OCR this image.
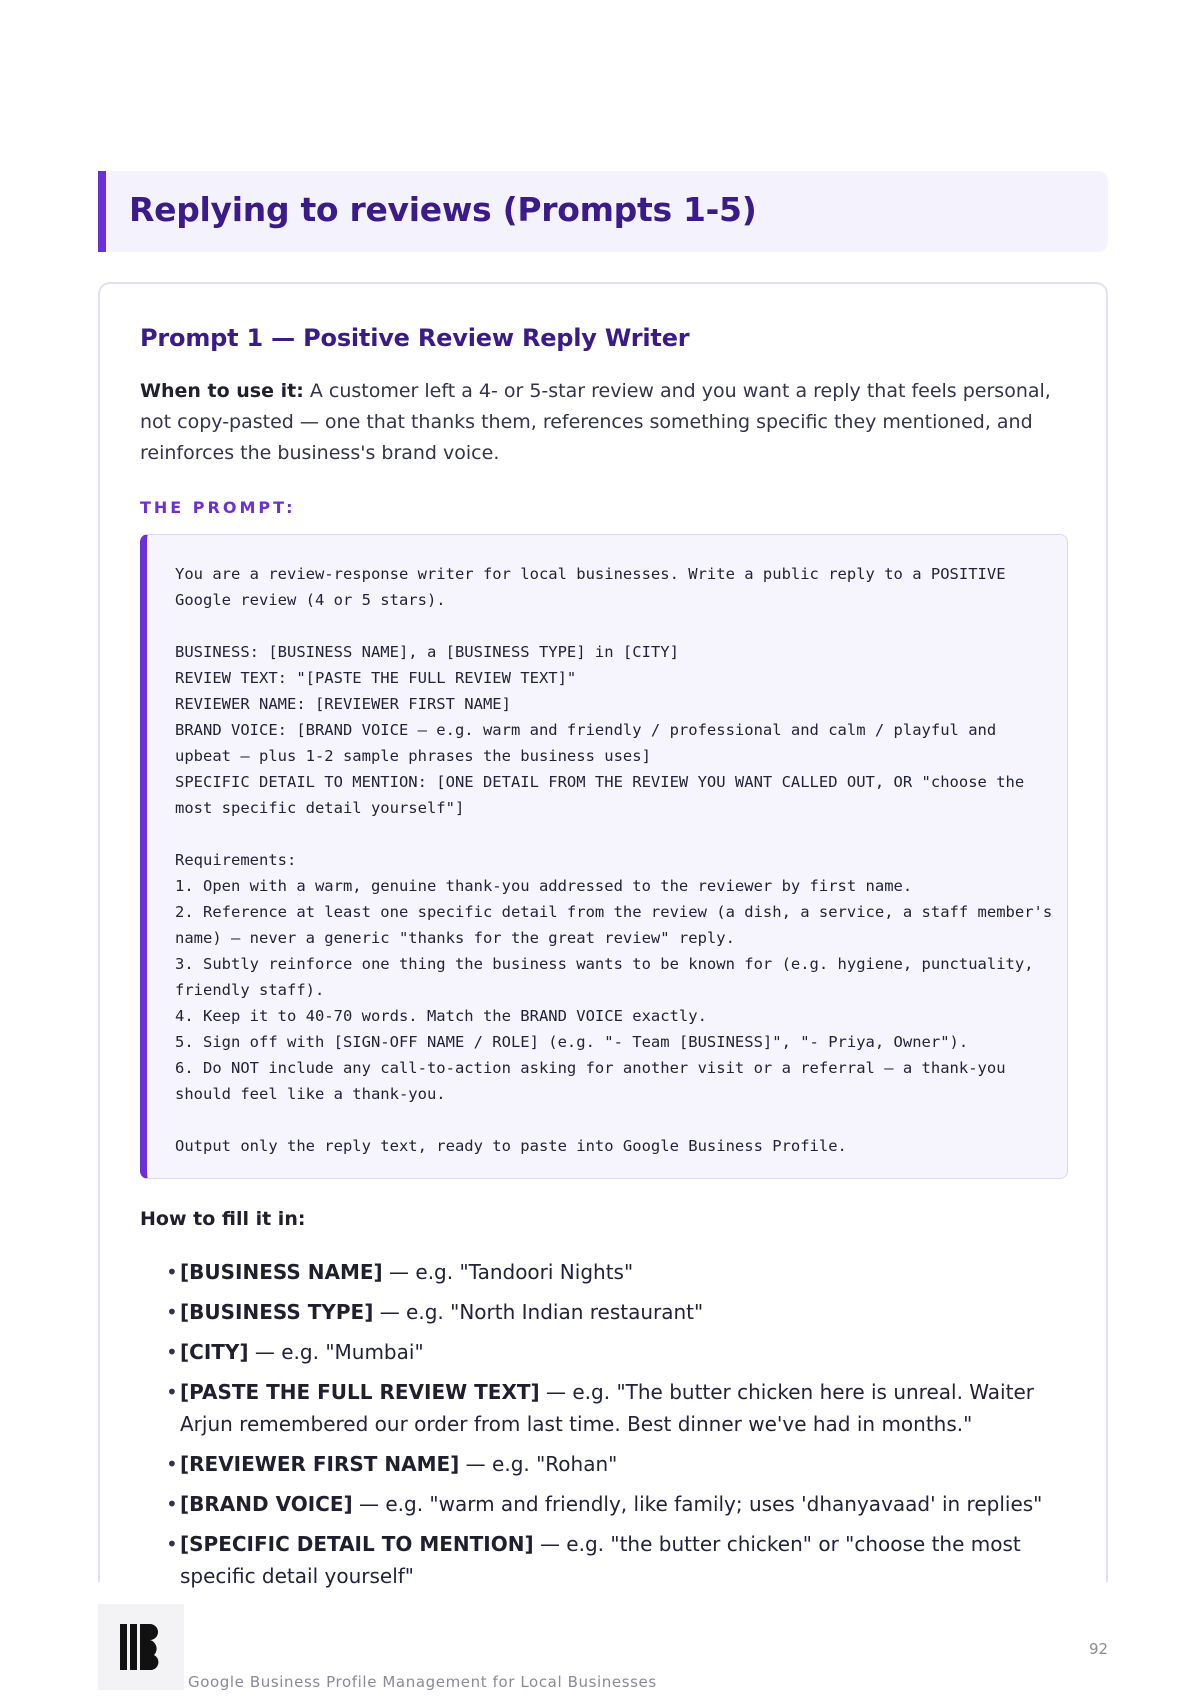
Replying to reviews (Prompts 1-5)
Prompt 1 — Positive Review Reply Writer

When to use it: A customer left a 4- or 5-star review and you want a reply that feels personal, not copy-pasted — one that thanks them, references something specific they mentioned, and reinforces the business's brand voice.

THE PROMPT:
You are a review-response writer for local businesses. Write a public reply to a POSITIVE Google review (4 or 5 stars).

BUSINESS: [BUSINESS NAME], a [BUSINESS TYPE] in [CITY]
REVIEW TEXT: "[PASTE THE FULL REVIEW TEXT]"
REVIEWER NAME: [REVIEWER FIRST NAME]
BRAND VOICE: [BRAND VOICE — e.g. warm and friendly / professional and calm / playful and upbeat — plus 1-2 sample phrases the business uses]
SPECIFIC DETAIL TO MENTION: [ONE DETAIL FROM THE REVIEW YOU WANT CALLED OUT, OR "choose the most specific detail yourself"]

Requirements:
1. Open with a warm, genuine thank-you addressed to the reviewer by first name.
2. Reference at least one specific detail from the review (a dish, a service, a staff member's name) — never a generic "thanks for the great review" reply.
3. Subtly reinforce one thing the business wants to be known for (e.g. hygiene, punctuality, friendly staff).
4. Keep it to 40-70 words. Match the BRAND VOICE exactly.
5. Sign off with [SIGN-OFF NAME / ROLE] (e.g. "- Team [BUSINESS]", "- Priya, Owner").
6. Do NOT include any call-to-action asking for another visit or a referral — a thank-you should feel like a thank-you.

Output only the reply text, ready to paste into Google Business Profile.
How to fill it in:
• [BUSINESS NAME] — e.g. "Tandoori Nights"
• [BUSINESS TYPE] — e.g. "North Indian restaurant"
• [CITY] — e.g. "Mumbai"
• [PASTE THE FULL REVIEW TEXT] — e.g. "The butter chicken here is unreal. Waiter Arjun remembered our order from last time. Best dinner we've had in months."
• [REVIEWER FIRST NAME] — e.g. "Rohan"
• [BRAND VOICE] — e.g. "warm and friendly, like family; uses 'dhanyavaad' in replies"
• [SPECIFIC DETAIL TO MENTION] — e.g. "the butter chicken" or "choose the most specific detail yourself"
Google Business Profile Management for Local Businesses
92
